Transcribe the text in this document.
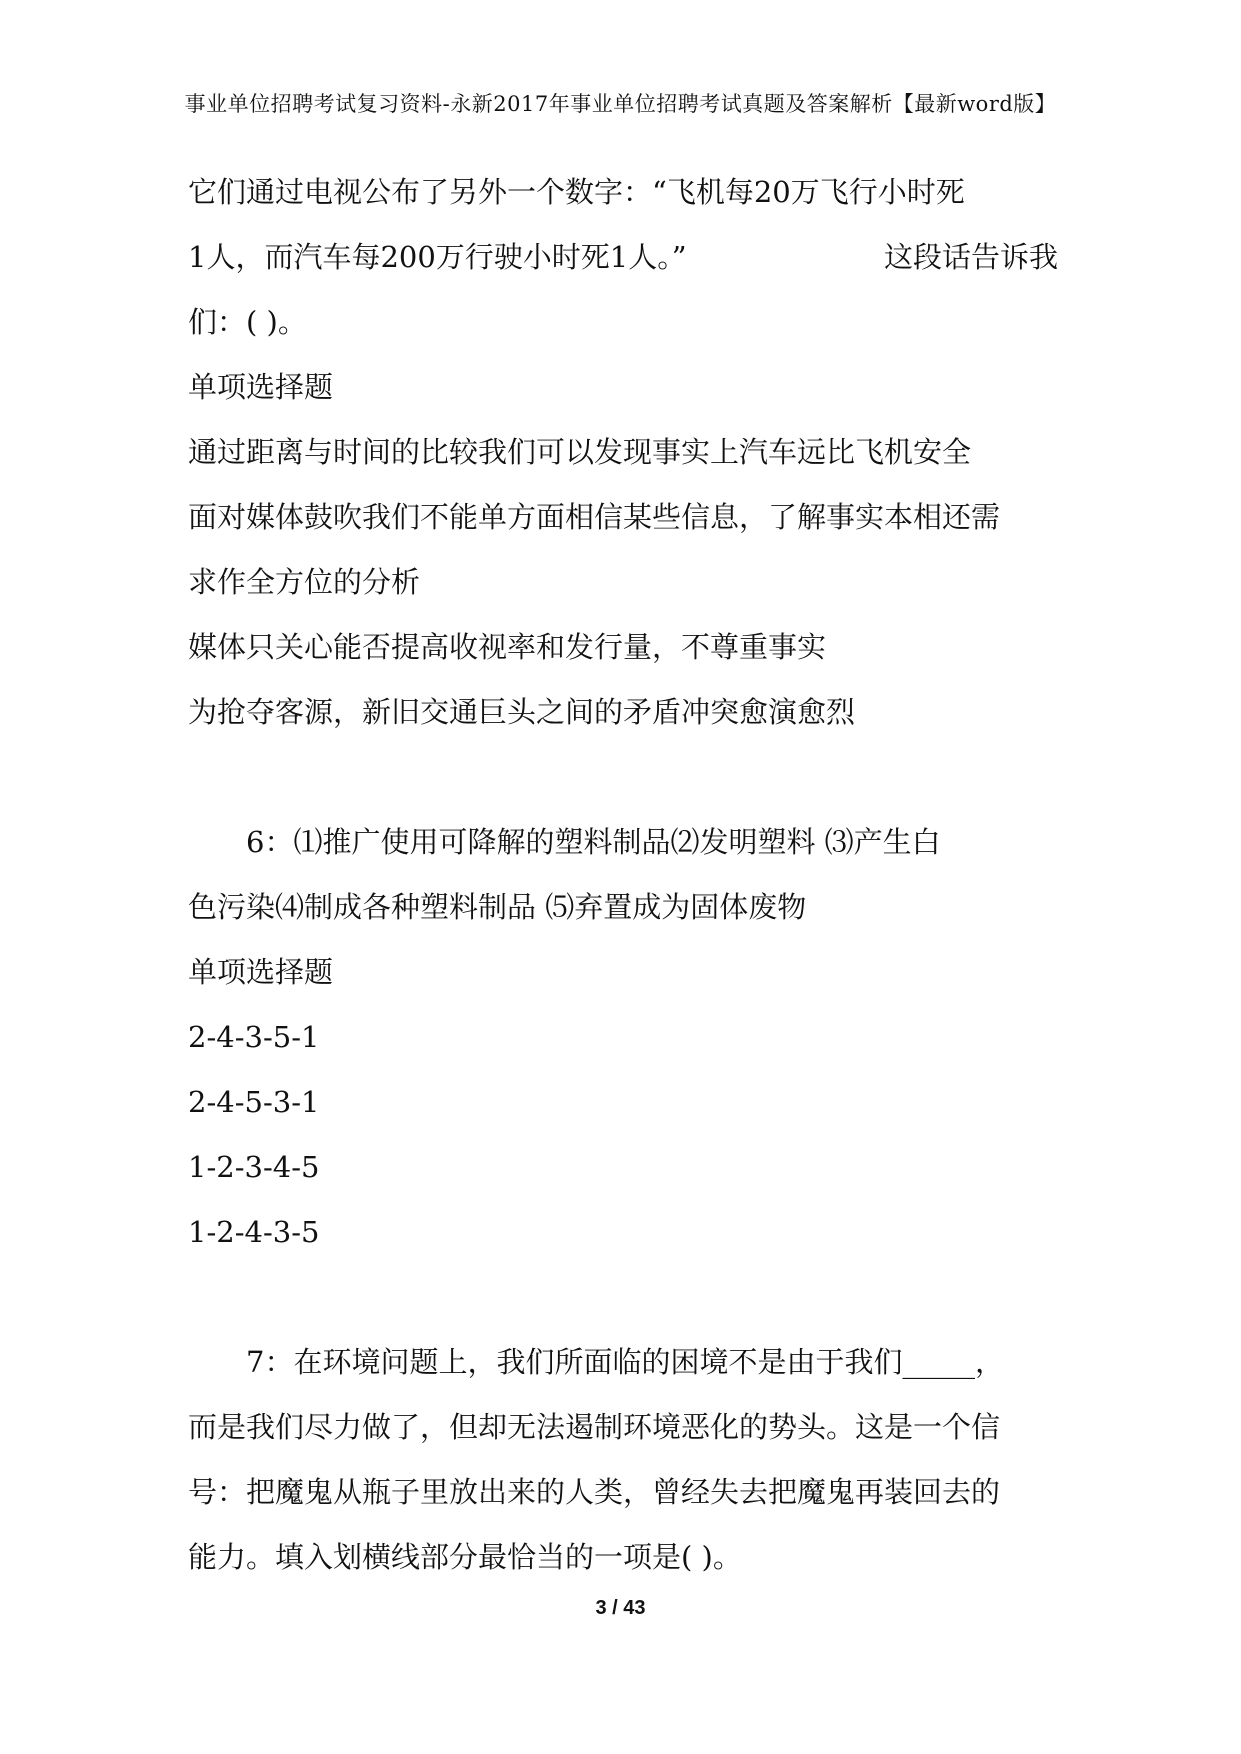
事业单位招聘考试复习资料-永新2017年事业单位招聘考试真题及答案解析【最新word版】
它们通过电视公布了另外一个数字：“飞机每20万飞行小时死
1人，而汽车每200万行驶小时死1人。”	这段话告诉我
们：( )。
单项选择题
通过距离与时间的比较我们可以发现事实上汽车远比飞机安全
面对媒体鼓吹我们不能单方面相信某些信息，了解事实本相还需
求作全方位的分析
媒体只关心能否提高收视率和发行量，不尊重事实
为抢夺客源，新旧交通巨头之间的矛盾冲突愈演愈烈
6：⑴推广使用可降解的塑料制品⑵发明塑料 ⑶产生白
色污染⑷制成各种塑料制品 ⑸弃置成为固体废物
单项选择题
2-4-3-5-1
2-4-5-3-1
1-2-3-4-5
1-2-4-3-5
7：在环境问题上，我们所面临的困境不是由于我们_____，
而是我们尽力做了，但却无法遏制环境恶化的势头。这是一个信
号：把魔鬼从瓶子里放出来的人类，曾经失去把魔鬼再装回去的
能力。填入划横线部分最恰当的一项是( )。
3 / 43
